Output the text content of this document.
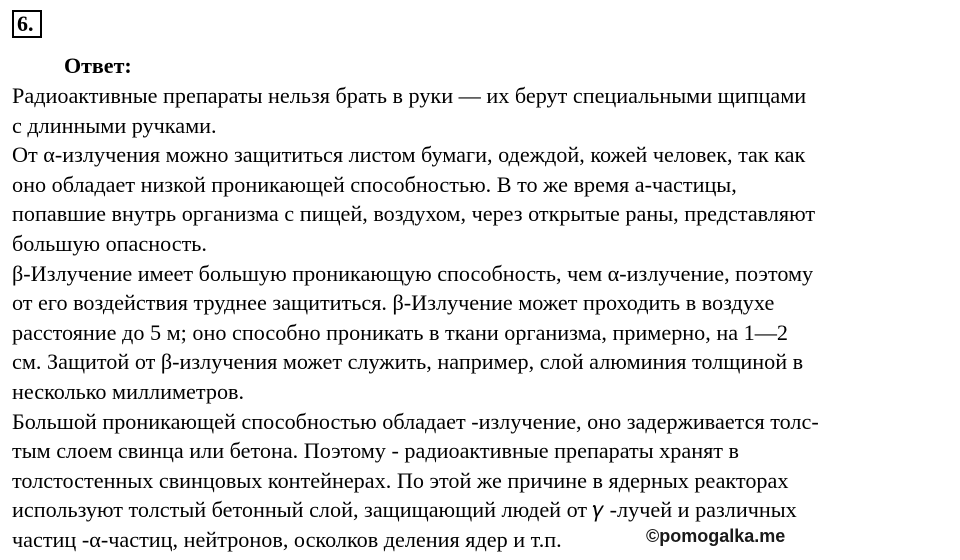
6.
Ответ:
Радиоактивные препараты нельзя брать в руки — их берут специальными щипцами
с длинными ручками.
От α-излучения можно защититься листом бумаги, одеждой, кожей человек, так как
оно обладает низкой проникающей способностью. В то же время а-частицы,
попавшие внутрь организма с пищей, воздухом, через открытые раны, представляют
большую опасность.
β-Излучение имеет большую проникающую способность, чем α-излучение, поэтому
от его воздействия труднее защититься. β-Излучение может проходить в воздухе
расстояние до 5 м; оно способно проникать в ткани организма, примерно, на 1—2
см. Защитой от β-излучения может служить, например, слой алюминия толщиной в
несколько миллиметров.
Большой проникающей способностью обладает -излучение, оно задерживается толс-
тым слоем свинца или бетона. Поэтому - радиоактивные препараты хранят в
толстостенных свинцовых контейнерах. По этой же причине в ядерных реакторах
используют толстый бетонный слой, защищающий людей от 𝛾 -лучей и различных
частиц -α-частиц, нейтронов, осколков деления ядер и т.п.	©pomogalka.me
